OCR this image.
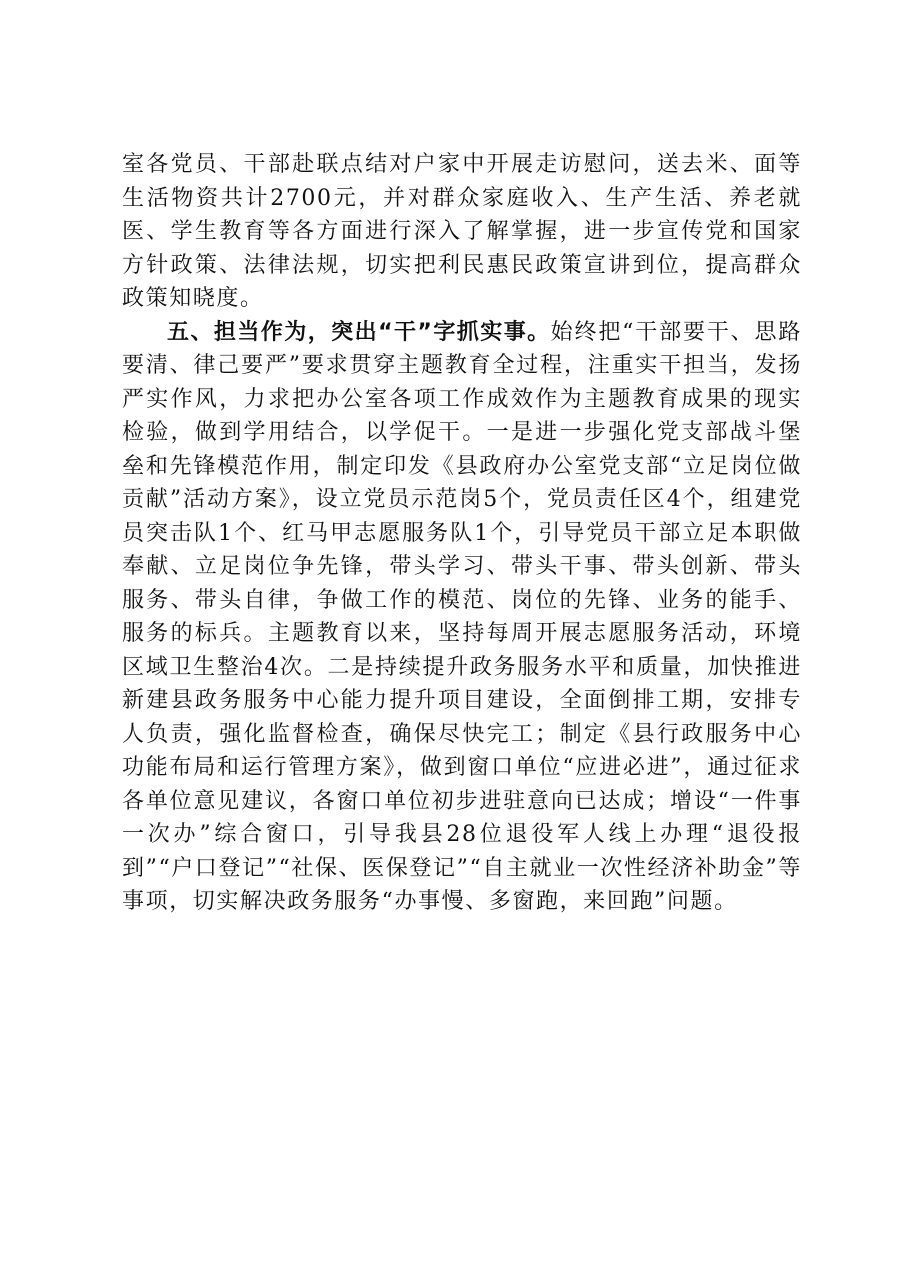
室各党员、干部赴联点结对户家中开展走访慰问，送去米、面等生活物资共计2700元，并对群众家庭收入、生产生活、养老就医、学生教育等各方面进行深入了解掌握，进一步宣传党和国家方针政策、法律法规，切实把利民惠民政策宣讲到位，提高群众政策知晓度。

五、担当作为，突出“干”字抓实事。始终把“干部要干、思路要清、律己要严”要求贯穿主题教育全过程，注重实干担当，发扬严实作风，力求把办公室各项工作成效作为主题教育成果的现实检验，做到学用结合，以学促干。一是进一步强化党支部战斗堡垒和先锋模范作用，制定印发《县政府办公室党支部“立足岗位做贡献”活动方案》，设立党员示范岗5个，党员责任区4个，组建党员突击队1个、红马甲志愿服务队1个，引导党员干部立足本职做奉献、立足岗位争先锋，带头学习、带头干事、带头创新、带头服务、带头自律，争做工作的模范、岗位的先锋、业务的能手、服务的标兵。主题教育以来，坚持每周开展志愿服务活动，环境区域卫生整治4次。二是持续提升政务服务水平和质量，加快推进新建县政务服务中心能力提升项目建设，全面倒排工期，安排专人负责，强化监督检查，确保尽快完工；制定《县行政服务中心功能布局和运行管理方案》，做到窗口单位“应进必进”，通过征求各单位意见建议，各窗口单位初步进驻意向已达成；增设“一件事一次办”综合窗口，引导我县28位退役军人线上办理“退役报到”“户口登记”“社保、医保登记”“自主就业一次性经济补助金”等事项，切实解决政务服务“办事慢、多窗跑，来回跑”问题。
